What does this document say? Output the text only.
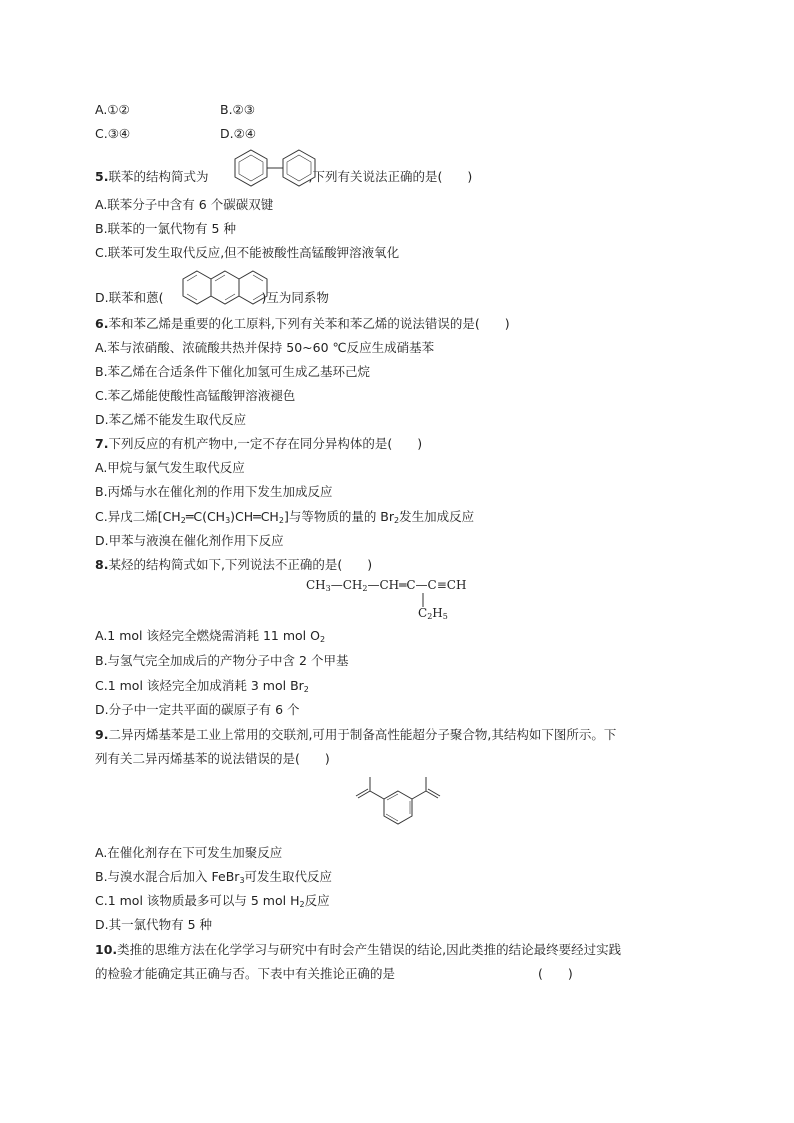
A.①②	B.②③
C.③④	D.②④
5.联苯的结构简式为	,下列有关说法正确的是(　　)
A.联苯分子中含有 6 个碳碳双键
B.联苯的一氯代物有 5 种
C.联苯可发生取代反应,但不能被酸性高锰酸钾溶液氧化
D.联苯和蒽(	)互为同系物
6.苯和苯乙烯是重要的化工原料,下列有关苯和苯乙烯的说法错误的是(　　)
A.苯与浓硝酸、浓硫酸共热并保持 50~60 ℃反应生成硝基苯
B.苯乙烯在合适条件下催化加氢可生成乙基环己烷
C.苯乙烯能使酸性高锰酸钾溶液褪色
D.苯乙烯不能发生取代反应
7.下列反应的有机产物中,一定不存在同分异构体的是(　　)
A.甲烷与氯气发生取代反应
B.丙烯与水在催化剂的作用下发生加成反应
C.异戊二烯$[CH_2═C(CH_3)CH═CH_2]$与等物质的量的 $Br_2$发生加成反应
D.甲苯与液溴在催化剂作用下反应
8.某烃的结构简式如下,下列说法不正确的是(　　)
$CH_3—CH_2—CH═C—C\equiv CH$
$C_2H_5$
A.1 mol 该烃完全燃烧需消耗 11 mol $O_2$
B.与氢气完全加成后的产物分子中含 2 个甲基
C.1 mol 该烃完全加成消耗 3 mol $Br_2$
D.分子中一定共平面的碳原子有 6 个
9.二异丙烯基苯是工业上常用的交联剂,可用于制备高性能超分子聚合物,其结构如下图所示。下
列有关二异丙烯基苯的说法错误的是(　　)
A.在催化剂存在下可发生加聚反应
B.与溴水混合后加入 FeBr$_3$可发生取代反应
C.1 mol 该物质最多可以与 5 mol $H_2$反应
D.其一氯代物有 5 种
10.类推的思维方法在化学学习与研究中有时会产生错误的结论,因此类推的结论最终要经过实践
的检验才能确定其正确与否。下表中有关推论正确的是	(　　)
